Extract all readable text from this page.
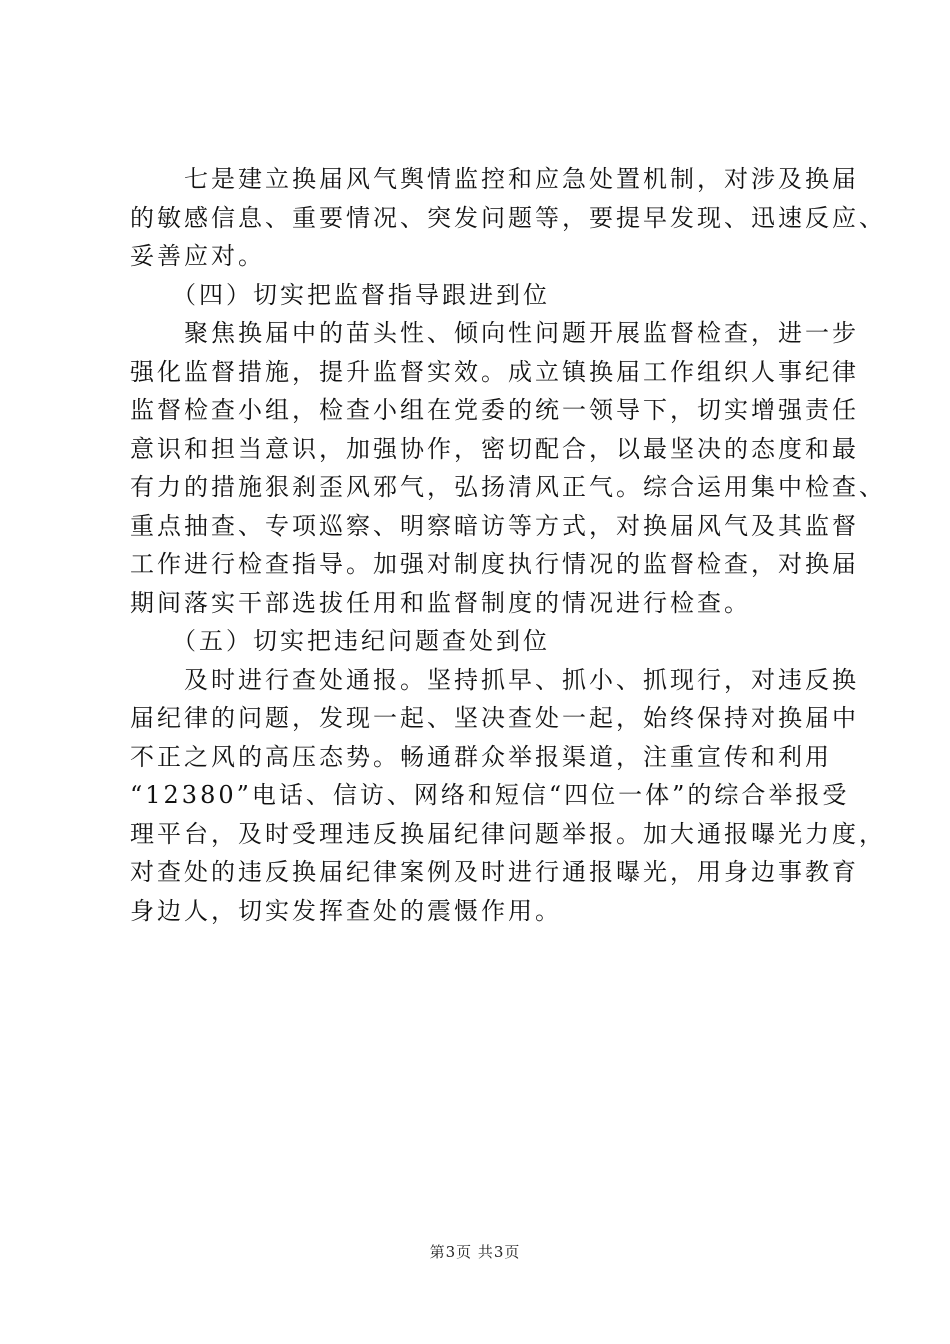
　　七是建立换届风气舆情监控和应急处置机制，对涉及换届
的敏感信息、重要情况、突发问题等，要提早发现、迅速反应、
妥善应对。
　　（四）切实把监督指导跟进到位
　　聚焦换届中的苗头性、倾向性问题开展监督检查，进一步
强化监督措施，提升监督实效。成立镇换届工作组织人事纪律
监督检查小组，检查小组在党委的统一领导下，切实增强责任
意识和担当意识，加强协作，密切配合，以最坚决的态度和最
有力的措施狠刹歪风邪气，弘扬清风正气。综合运用集中检查、
重点抽查、专项巡察、明察暗访等方式，对换届风气及其监督
工作进行检查指导。加强对制度执行情况的监督检查，对换届
期间落实干部选拔任用和监督制度的情况进行检查。
　　（五）切实把违纪问题查处到位
　　及时进行查处通报。坚持抓早、抓小、抓现行，对违反换
届纪律的问题，发现一起、坚决查处一起，始终保持对换届中
不正之风的高压态势。畅通群众举报渠道，注重宣传和利用
“12380”电话、信访、网络和短信“四位一体”的综合举报受
理平台，及时受理违反换届纪律问题举报。加大通报曝光力度，
对查处的违反换届纪律案例及时进行通报曝光，用身边事教育
身边人，切实发挥查处的震慑作用。
第3页 共3页
